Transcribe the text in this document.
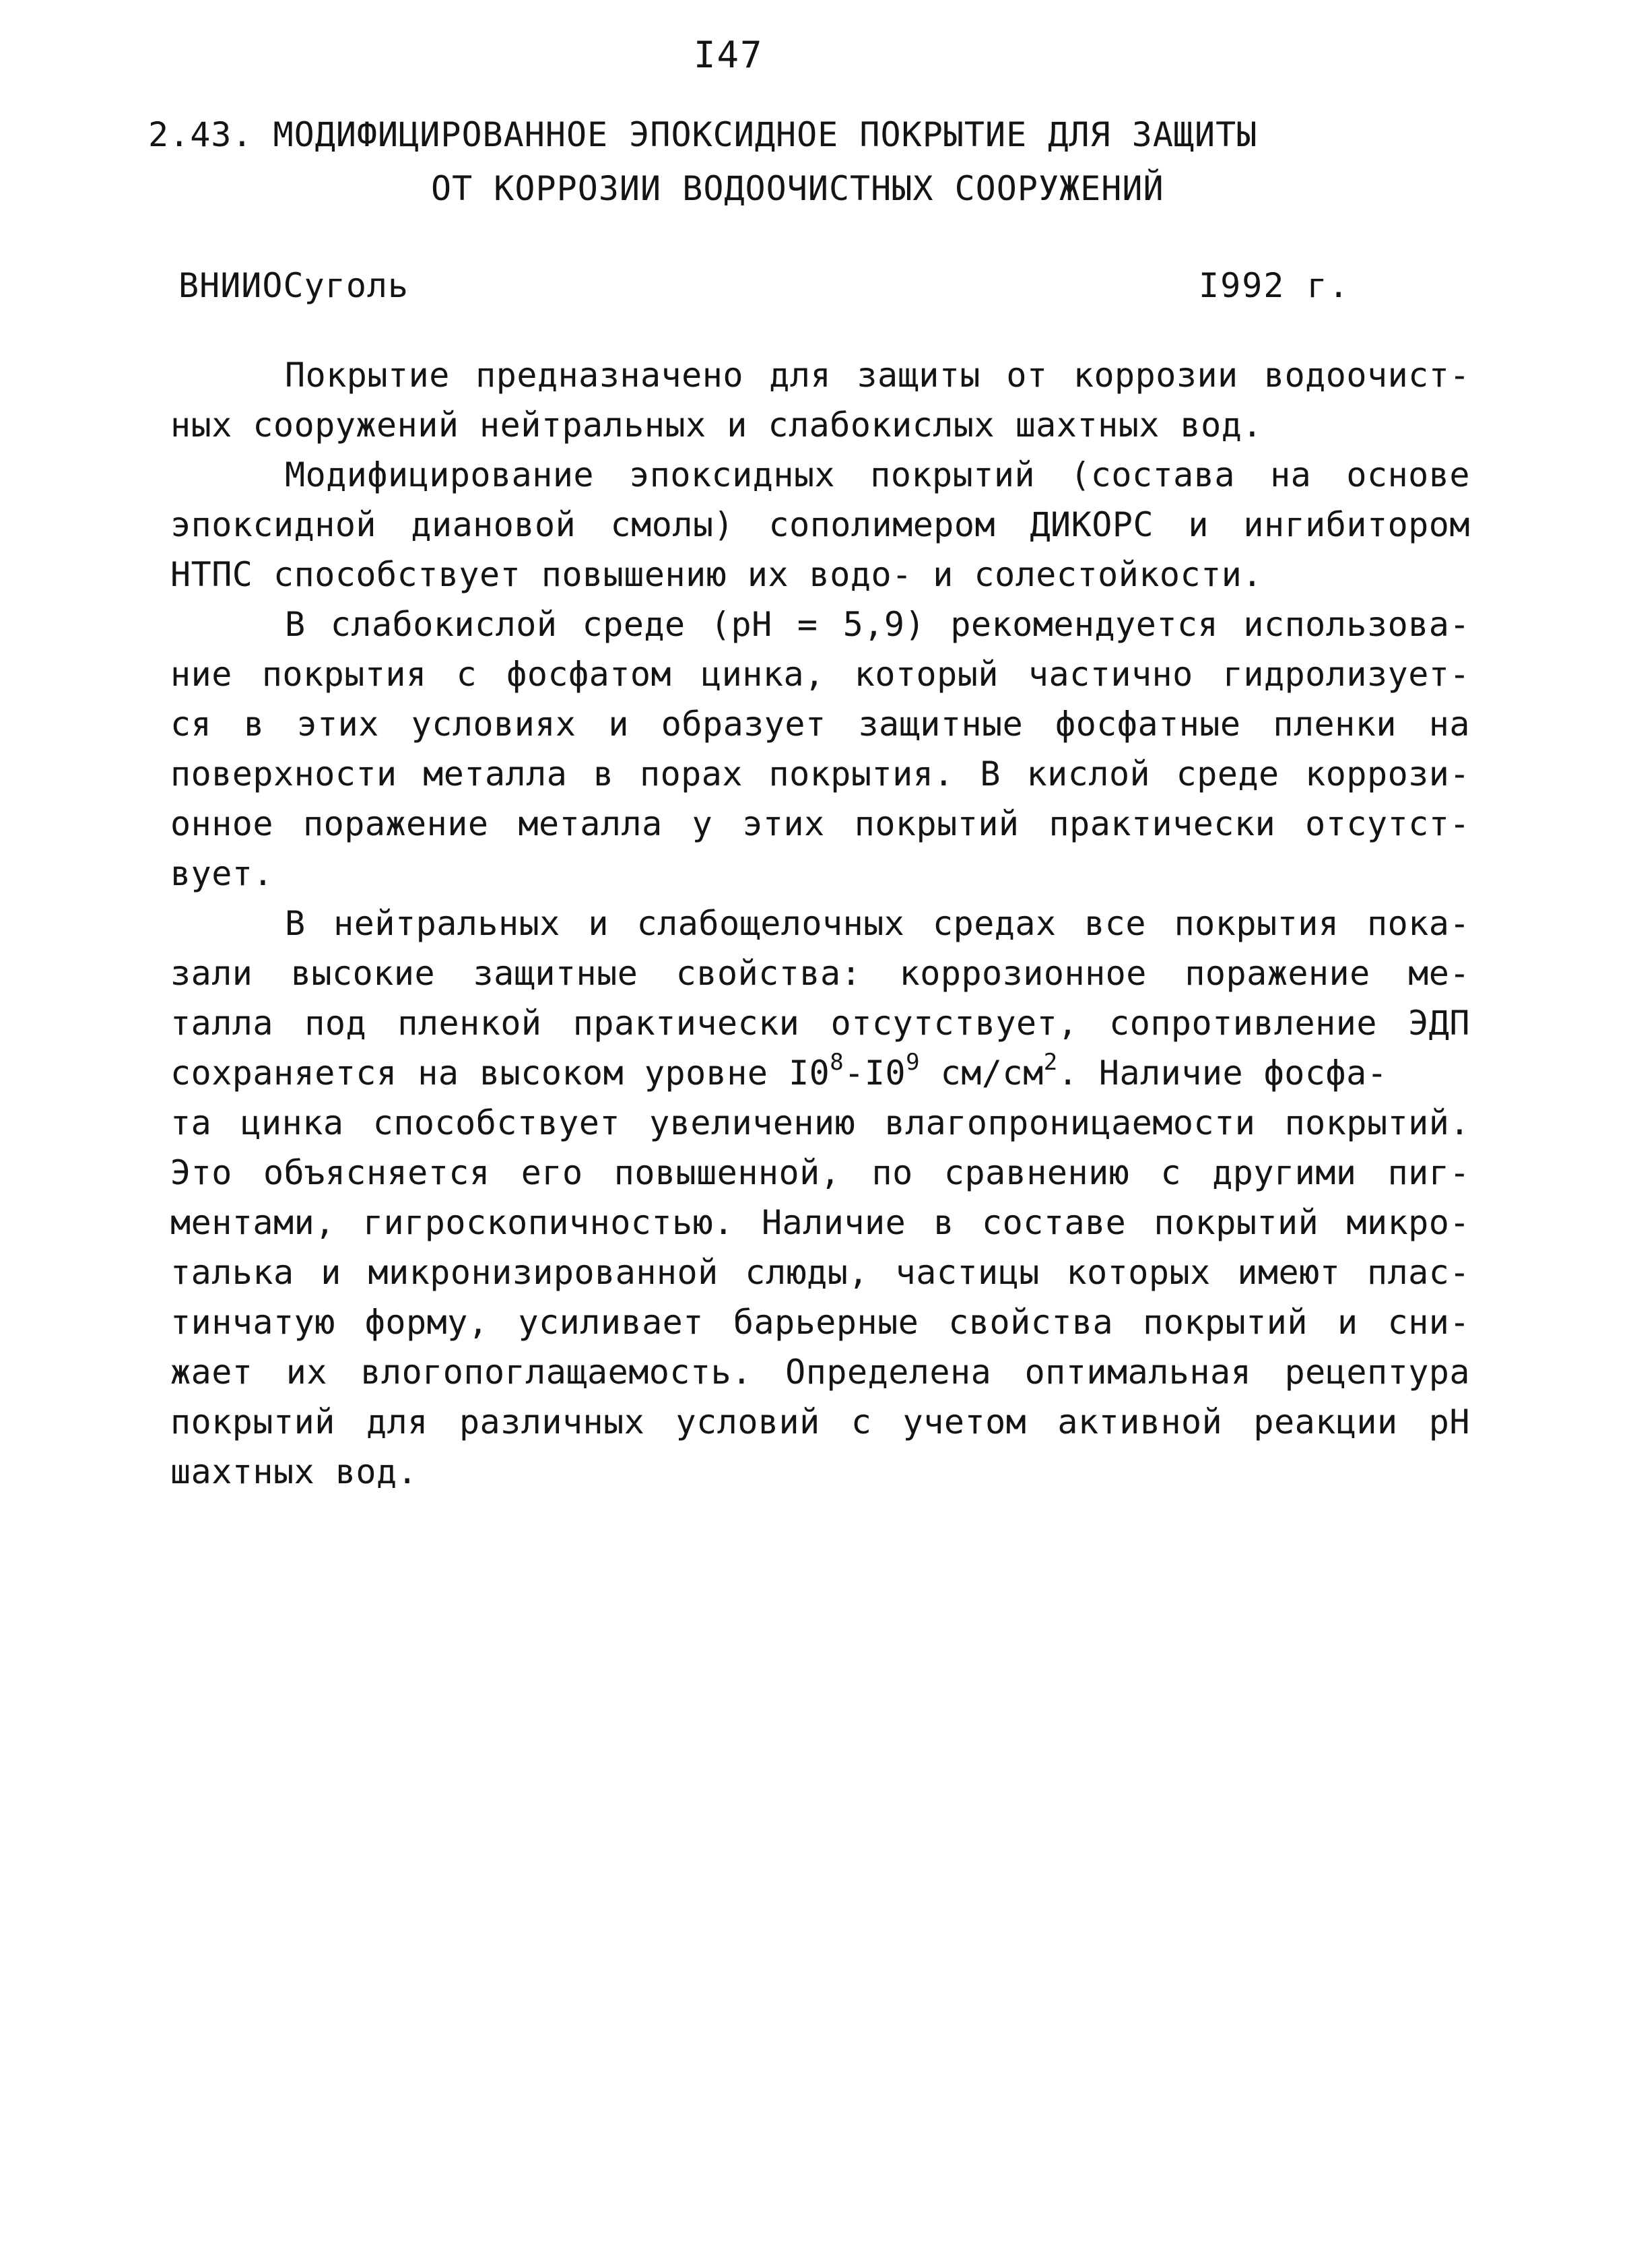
I47
2.43. МОДИФИЦИРОВАННОЕ ЭПОКСИДНОЕ ПОКРЫТИЕ ДЛЯ ЗАЩИТЫ
ОТ КОРРОЗИИ ВОДООЧИСТНЫХ СООРУЖЕНИЙ
ВНИИОСуголь	I992 г.
Покрытие предназначено для защиты от коррозии водоочист-
ных сооружений нейтральных и слабокислых шахтных вод.
Модифицирование эпоксидных покрытий (состава на основе
эпоксидной диановой смолы) сополимером ДИКОРС и ингибитором
НТПС способствует повышению их водо- и солестойкости.
В слабокислой среде (рН = 5,9) рекомендуется использова-
ние покрытия с фосфатом цинка, который частично гидролизует-
ся в этих условиях и образует защитные фосфатные пленки на
поверхности металла в порах покрытия. В кислой среде коррози-
онное поражение металла у этих покрытий практически отсутст-
вует.
В нейтральных и слабощелочных средах все покрытия пока-
зали высокие защитные свойства: коррозионное поражение ме-
талла под пленкой практически отсутствует, сопротивление ЭДП
сохраняется на высоком уровне $I0^8-I0^9$ $см/см^2$. Наличие фосфа-
та цинка способствует увеличению влагопроницаемости покрытий.
Это объясняется его повышенной, по сравнению с другими пиг-
ментами, гигроскопичностью. Наличие в составе покрытий микро-
талька и микронизированной слюды, частицы которых имеют плас-
тинчатую форму, усиливает барьерные свойства покрытий и сни-
жает их влогопоглащаемость. Определена оптимальная рецептура
покрытий для различных условий с учетом активной реакции рН
шахтных вод.
